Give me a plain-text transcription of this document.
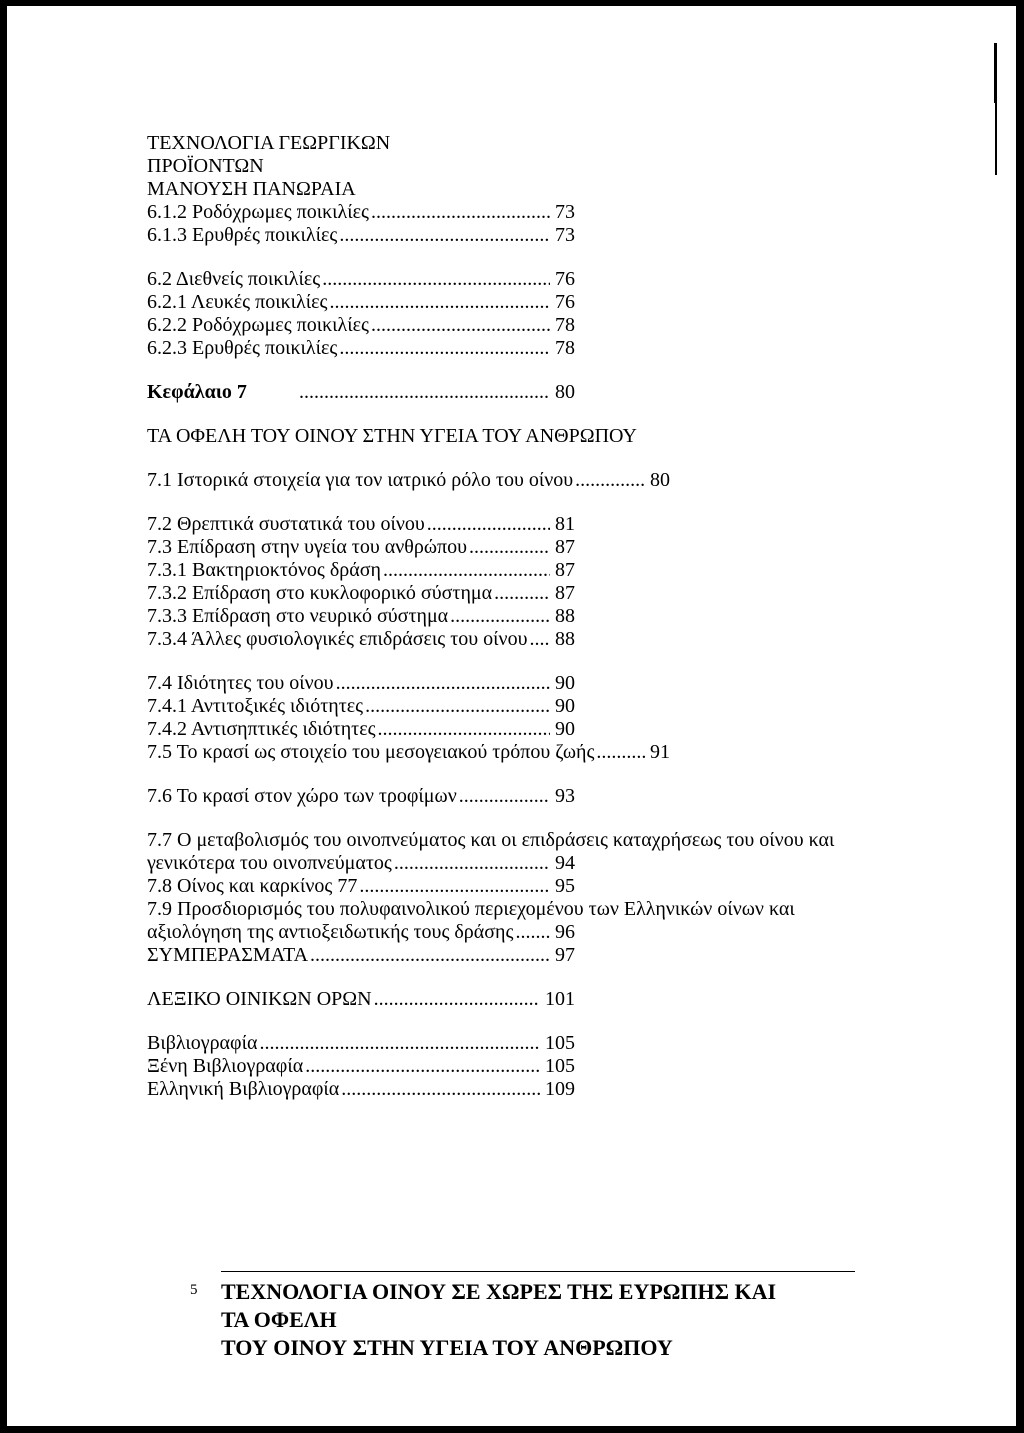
ΤΕΧΝΟΛΟΓΙΑ ΓΕΩΡΓΙΚΩΝ
ΠΡΟΪΟΝΤΩΝ
ΜΑΝΟΥΣΗ ΠΑΝΩΡΑΙΑ
6.1.2 Ροδόχρωμες ποικιλίες .....	73
6.1.3 Ερυθρές ποικιλίες .....	73
6.2 Διεθνείς ποικιλίες .....	76
6.2.1 Λευκές ποικιλίες .....	76
6.2.2 Ροδόχρωμες ποικιλίες .....	78
6.2.3 Ερυθρές ποικιλίες .....	78
Κεφάλαιο 7 .....	80
ΤΑ ΟΦΕΛΗ ΤΟΥ ΟΙΝΟΥ ΣΤΗΝ ΥΓΕΙΑ ΤΟΥ ΑΝΘΡΩΠΟΥ
7.1 Ιστορικά στοιχεία για τον ιατρικό ρόλο του οίνου .....	80
7.2 Θρεπτικά συστατικά του οίνου .....	81
7.3 Επίδραση στην υγεία του ανθρώπου .....	87
7.3.1 Βακτηριοκτόνος δράση .....	87
7.3.2 Επίδραση στο κυκλοφορικό σύστημα .....	87
7.3.3 Επίδραση στο νευρικό σύστημα .....	88
7.3.4 Άλλες φυσιολογικές επιδράσεις του οίνου ..... 88
7.4 Ιδιότητες του οίνου .....	90
7.4.1 Αντιτοξικές ιδιότητες .....	90
7.4.2 Αντισηπτικές ιδιότητες .....	90
7.5 Το κρασί ως στοιχείο του μεσογειακού τρόπου ζωής .....	91
7.6 Το κρασί στον χώρο των τροφίμων .....	93
7.7 Ο μεταβολισμός του οινοπνεύματος και οι επιδράσεις καταχρήσεως του οίνου και
γενικότερα του οινοπνεύματος .....	94
7.8 Οίνος και καρκίνος 77 .....	95
7.9 Προσδιορισμός του πολυφαινολικού περιεχομένου των Ελληνικών οίνων και
αξιολόγηση της αντιοξειδωτικής τους δράσης ..... 96
ΣΥΜΠΕΡΑΣΜΑΤΑ .....	97
ΛΕΞΙΚΟ ΟΙΝΙΚΩΝ ΟΡΩΝ .....	101
Βιβλιογραφία .....	105
Ξένη Βιβλιογραφία .....	105
Ελληνική Βιβλιογραφία .....	109
5 ΤΕΧΝΟΛΟΓΙΑ ΟΙΝΟΥ ΣΕ ΧΩΡΕΣ ΤΗΣ ΕΥΡΩΠΗΣ ΚΑΙ
ΤΑ ΟΦΕΛΗ
ΤΟΥ ΟΙΝΟΥ ΣΤΗΝ ΥΓΕΙΑ ΤΟΥ ΑΝΘΡΩΠΟΥ
